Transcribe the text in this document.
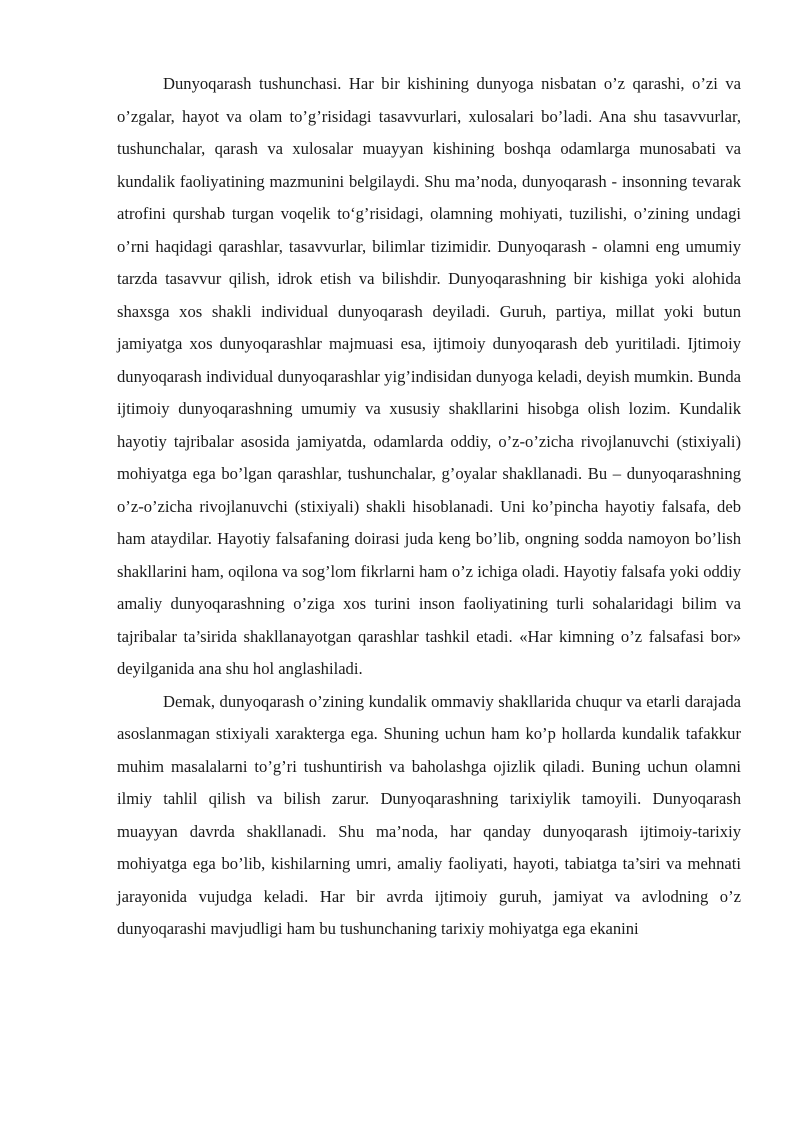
Dunyoqarash tushunchasi. Har bir kishining dunyoga nisbatan o’z qarashi, o’zi va o’zgalar, hayot va olam to’g’risidagi tasavvurlari, xulosalari bo’ladi. Ana shu tasavvurlar, tushunchalar, qarash va xulosalar muayyan kishining boshqa odamlarga munosabati va kundalik faoliyatining mazmunini belgilaydi. Shu ma’noda, dunyoqarash - insonning tevarak atrofini qurshab turgan voqelik to‘g’risidagi, olamning mohiyati, tuzilishi, o’zining undagi o’rni haqidagi qarashlar, tasavvurlar, bilimlar tizimidir. Dunyoqarash - olamni eng umumiy tarzda tasavvur qilish, idrok etish va bilishdir. Dunyoqarashning bir kishiga yoki alohida shaxsga xos shakli individual dunyoqarash deyiladi. Guruh, partiya, millat yoki butun jamiyatga xos dunyoqarashlar majmuasi esa, ijtimoiy dunyoqarash deb yuritiladi. Ijtimoiy dunyoqarash individual dunyoqarashlar yig’indisidan dunyoga keladi, deyish mumkin. Bunda ijtimoiy dunyoqarashning umumiy va xususiy shakllarini hisobga olish lozim. Kundalik hayotiy tajribalar asosida jamiyatda, odamlarda oddiy, o’z-o’zicha rivojlanuvchi (stixiyali) mohiyatga ega bo’lgan qarashlar, tushunchalar, g’oyalar shakllanadi. Bu – dunyoqarashning o’z-o’zicha rivojlanuvchi (stixiyali) shakli hisoblanadi. Uni ko’pincha hayotiy falsafa, deb ham ataydilar. Hayotiy falsafaning doirasi juda keng bo’lib, ongning sodda namoyon bo’lish shakllarini ham, oqilona va sog’lom fikrlarni ham o’z ichiga oladi. Hayotiy falsafa yoki oddiy amaliy dunyoqarashning o’ziga xos turini inson faoliyatining turli sohalaridagi bilim va tajribalar ta’sirida shakllanayotgan qarashlar tashkil etadi. «Har kimning o’z falsafasi bor» deyilganida ana shu hol anglashiladi.

Demak, dunyoqarash o’zining kundalik ommaviy shakllarida chuqur va etarli darajada asoslanmagan stixiyali xarakterga ega. Shuning uchun ham ko’p hollarda kundalik tafakkur muhim masalalarni to’g’ri tushuntirish va baholashga ojizlik qiladi. Buning uchun olamni ilmiy tahlil qilish va bilish zarur. Dunyoqarashning tarixiylik tamoyili. Dunyoqarash muayyan davrda shakllanadi. Shu ma’noda, har qanday dunyoqarash ijtimoiy-tarixiy mohiyatga ega bo’lib, kishilarning umri, amaliy faoliyati, hayoti, tabiatga ta’siri va mehnati jarayonida vujudga keladi. Har bir avrda ijtimoiy guruh, jamiyat va avlodning o’z dunyoqarashi mavjudligi ham bu tushunchaning tarixiy mohiyatga ega ekanini
